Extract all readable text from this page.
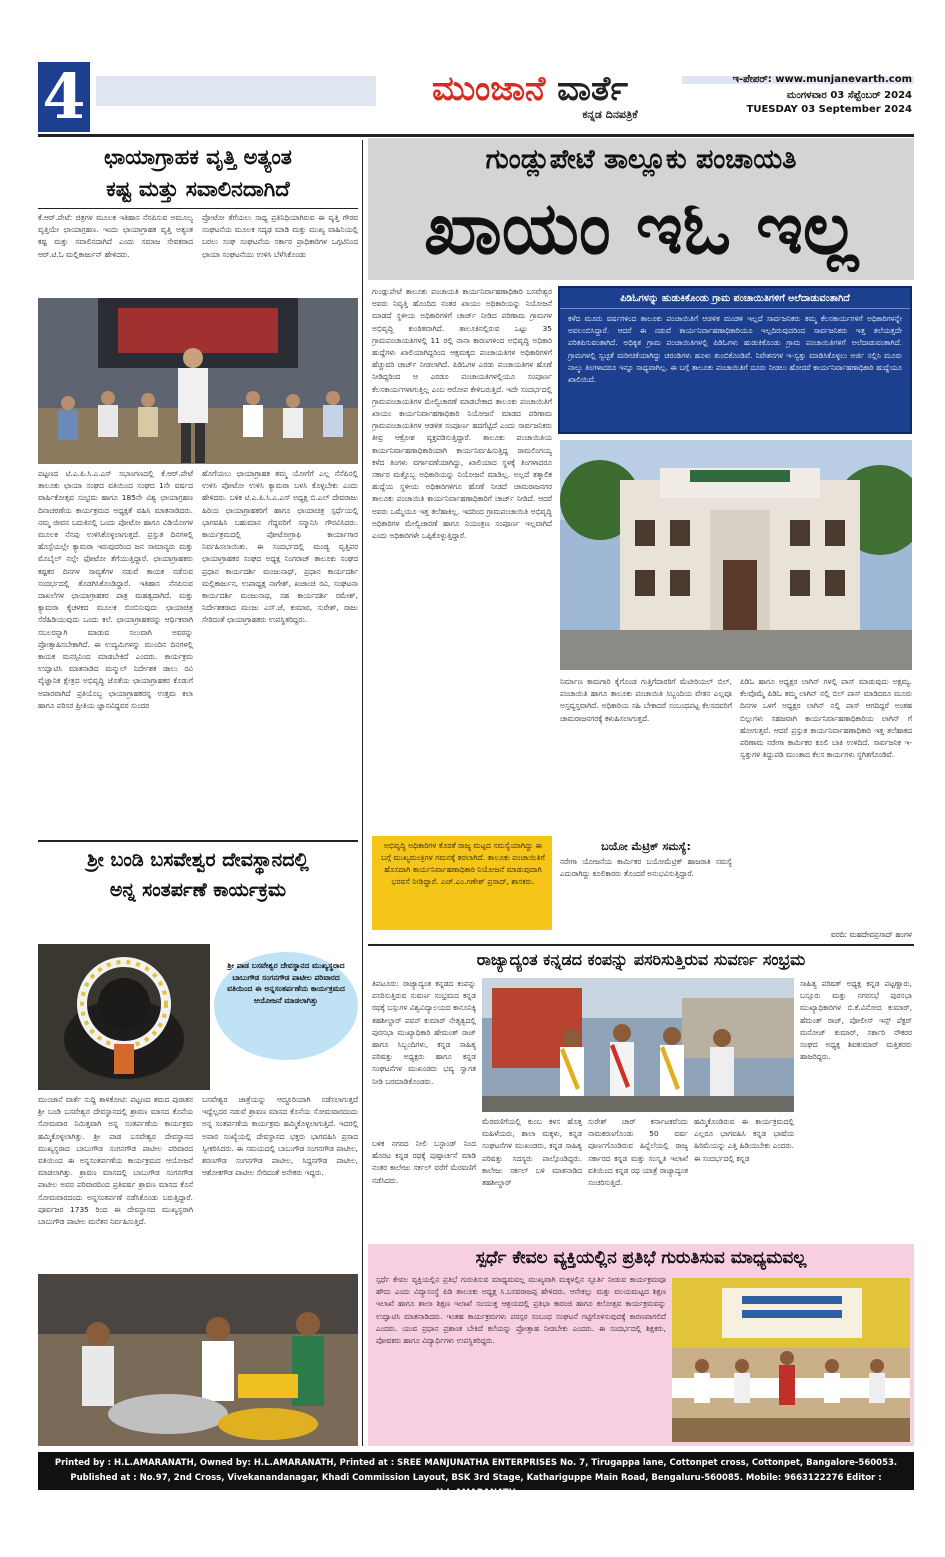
4	ಮುಂಜಾನೆ ವಾರ್ತೆ
ಕನ್ನಡ ದಿನಪತ್ರಿಕೆ
ಇ-ಪೇಪರ್: www.munjanevarth.com
ಮಂಗಳವಾರ 03 ಸೆಪ್ಟೆಂಬರ್ 2024
TUESDAY 03 September 2024
ಛಾಯಾಗ್ರಾಹಕ ವೃತ್ತಿ ಅತ್ಯಂತ
ಕಷ್ಟ ಮತ್ತು ಸವಾಲಿನದಾಗಿದೆ
ಕೆ.ಆರ್.ಪೇಟೆ: ಚಿತ್ರಗಳ ಮೂಲಕ ಇತಿಹಾಸ ನೆನಪಿಸುವ ಅಮೂಲ್ಯ ವೃತ್ತಿಯೇ ಛಾಯಾಗ್ರಹಣ. ಇಂದು ಛಾಯಾಗ್ರಾಹಕ ವೃತ್ತಿ ಅತ್ಯಂತ ಕಷ್ಟ ಮತ್ತು ಸವಾಲಿನದಾಗಿದೆ ಎಂದು ಸಮಾಜ ಸೇವಕರಾದ ಆರ್.ಟಿ.ಓ ಮಲ್ಲಿಕಾರ್ಜುನ್ ಹೇಳಿದರು.
ಪ್ರೋಟೋ ತೆಗೆಯಲು ಸಾಧ್ಯ ಪ್ರತಿನಿಧಿಯಾಗಿರುವ ಈ ವೃತ್ತಿ ಗೌರವ ಸಂಘಟನೆಯ ಮೂಲಕ ಸದೃಢ ಮಾಡಿ ಮತ್ತು ಮುಖ್ಯ ವಾಹಿನಿಯಲ್ಲಿ ಬರಲು ಸಂಘ ಸಂಘಟನೆಯ ಸರ್ಕಾರ ಪ್ರಾಧಿಕಾರಿಗಳ ಒಗ್ಗಟಿನಿಂದ ಛಾಯಾ ಸಂಘಟನೆಯು ಉಳಿಸಿ ಬೆಳೆಸಿಕೊಂಡು
ಪಟ್ಟಣದ ಟಿ.ಎ.ಪಿ.ಸಿ.ಎ.ಎಸ್ ಸಭಾಂಗಣದಲ್ಲಿ ಕೆ.ಆರ್.ಪೇಟೆ ತಾಲೂಕು ಛಾಯಾ ಸಂಘದ ವತಿಯಿಂದ ಸಂಘದ 1ನೇ ವರ್ಷದ ವಾರ್ಷಿಕೋತ್ಸವ ಸಂಭ್ರಮ ಹಾಗೂ 185ನೇ ವಿಶ್ವ ಛಾಯಾಗ್ರಹಣ ದಿನಾಚರಣೆಯ ಕಾರ್ಯಕ್ರಮದ ಅಧ್ಯಕ್ಷತೆ ವಹಿಸಿ ಮಾತನಾಡಿದರು. ನಮ್ಮ ಜೀವನ ಬದುಕಿನಲ್ಲಿ ಒಂದು ಪೋಟೋ ಹಾಗೂ ವಿಡಿಯೋಗಳ ಮೂಲಕ ನೆನಪು ಉಳಿಸಿಕೊಳ್ಳಲಾಗುತ್ತದೆ. ಪ್ರಸ್ತುತ ದಿನಗಳಲ್ಲಿ ಹೊಸ್ಟೆಯಲ್ಲೇ ಕ್ಯಾಮರಾ ಇರುವುದರಿಂದ ಜನ ಸಾಮಾನ್ಯರು ಮತ್ತು ಮೊಬೈಲ್ ನಲ್ಲೇ ಫೋಟೋ ತೆಗೆಯುತ್ತಿದ್ದಾರೆ. ಛಾಯಾಗ್ರಾಹಕರು ಕಷ್ಟಕರ ದಿನಗಳ ಸಾವ್ಯತೆಗಳ ನಡುವೆ ಕಾಯಕ ನಡೆಸುವ ಸಂದರ್ಭದಲ್ಲಿ ತೊಡಗಿಸಿಕೊಂಡಿದ್ದಾರೆ. ಇತಿಹಾಸ ನೆನಪಿಸುವ ದಾಖಲೆಗಳ ಛಾಯಾಗ್ರಾಹಕರ ಪಾತ್ರ ಮಹತ್ವದಾಗಿದೆ. ಮತ್ತು ಕ್ಯಾಮರಾ ಕೈಚಳಕದ ಮೂಲಕ ಬಿಂಬಿಸುವುದು ಛಾಯಾಚಿತ್ರ ಸೆರೆಹಿಡಿಯುವುದು ಒಂದು ಕಲೆ. ಛಾಯಾಗ್ರಾಹಕರನ್ನು ಆರ್ಥಿಕವಾಗಿ ಸಬಲರನ್ನಾಗಿ ಮಾಡುವ ಸಲುವಾಗಿ ಅವರನ್ನು ಪ್ರೋತ್ಸಾಹಿಸಬೇಕಾಗಿದೆ. ಈ ಉದ್ಯಮಿಗಳನ್ನು ಮುಂದಿನ ದಿನಗಳಲ್ಲಿ ಕಾಯಕ ಮನಸ್ಸಿನಿಂದ ಮಾಡಬೇಕಿದೆ ಎಂದರು. ಕಾರ್ಯಕ್ರಮ ಉದ್ಘಾಟಿಸಿ ಮಾತನಾಡಿದ ಮನ್ಮುಲ್ ನಿರ್ದೇಶಕ ಡಾಲು ರವಿ ವೈಜ್ಞಾನಿಕ ಕ್ಷೇತ್ರದ ಅಭಿವೃದ್ಧಿ ಜೊತೆಯ ಛಾಯಾಗ್ರಾಹಕರ ಕೊಡುಗೆ ಅಪಾರವಾಗಿದೆ ಪ್ರತಿಯೊಬ್ಬ ಛಾಯಾಗ್ರಾಹಕರನ್ನ ಉತ್ತಮ ಕಲಾ ಹಾಗೂ ಪರಿಸರ ಪ್ರೀತಿಯ ಜ್ಞಾನವಿದ್ದವರ ಸುಂದರ
ಹೊಗೆಯಲು ಛಾಯಾಗ್ರಾಹಕ ತಮ್ಮ ಯೋಗೆಗೆ ಎಲ್ಲ ನೆನೆಪಿನಲ್ಲಿ ಉಳಿಸಿ ಪೋಟೋ ಉಳಿಸಿ ಕ್ಯಾಮರಾ ಬಳಸಿ ಕೊಳ್ಳಬೇಕು ಎಂದು ಹೇಳಿದರು. ಬಳಿಕ ಟಿ.ಎ.ಪಿ.ಸಿ.ಎ.ಎಸ್ ಅಧ್ಯಕ್ಷ ಬಿ.ಎಲ್ ದೇವರಾಜು ಹಿರಿಯ ಛಾಯಾಗ್ರಾಹಕರಿಗೆ ಹಾಗೂ ಛಾಯಾಚಿತ್ರ ಸ್ಪರ್ಧೆಯಲ್ಲಿ ಭಾಗವಹಿಸಿ ಬಹುಮಾನ ಗೆದ್ದವರಿಗೆ ಸನ್ಮಾನಿಸಿ ಗೌರವಿಸಿದರು. ಕಾರ್ಯಕ್ರಮದಲ್ಲಿ ಪೋಟೋಗ್ರಾಫಿ ಕಾರ್ಯಾಗಾರ ನಿರ್ವಹಿಸಲಾಯಿತು. ಈ ಸಂದರ್ಭದಲ್ಲಿ ಮಂಡ್ಯ ವೃತ್ತಿಪರ ಛಾಯಾಗ್ರಾಹಕರ ಸಂಘದ ಅಧ್ಯಕ್ಷ ನಿಂಗರಾಜ್ ತಾಲೂಕು ಸಂಘದ ಪ್ರಧಾನ ಕಾರ್ಯದರ್ಶಿ ಮಂಜುನಾಥ್, ಪ್ರಧಾನ ಕಾರ್ಯದರ್ಶಿ ಮಲ್ಲಿಕಾರ್ಜುನ, ಉಪಾಧ್ಯಕ್ಷ ನಾಗೇಶ್, ಖಜಾಂಚಿ ರವಿ, ಸಂಘಟನಾ ಕಾರ್ಯದರ್ಶಿ ಮಂಜುನಾಥ, ಸಹ ಕಾರ್ಯದರ್ಶಿ ರಮೇಶ್, ನಿರ್ದೇಶಕರಾದ ಮಂಜು ಎಸ್.ಜೆ, ಕುಮಾರ, ಸುರೇಶ್, ರಾಜು ಸೇರಿದಂತೆ ಛಾಯಾಗ್ರಾಹಕರು ಉಪಸ್ಥಿತರಿದ್ದರು.
ಶ್ರೀ ಬಂಡಿ ಬಸವೇಶ್ವರ ದೇವಸ್ಥಾನದಲ್ಲಿ
ಅನ್ನ ಸಂತರ್ಪಣೆ ಕಾರ್ಯಕ್ರಮ
ಶ್ರೀ ಪಾಡ ಬಸವೇಶ್ವರ ದೇವಸ್ಥಾನದ ಮುಖ್ಯಸ್ಥರಾದ ಬಾಬುಗೌಡ ಸಂಗನಗೌಡ ಪಾಟೀಲ ಪರಿವಾರದ ವತಿಯಿಂದ ಈ ಅನ್ನಸಂತರ್ಪಣೆಯ ಕಾರ್ಯಕ್ರಮದ ಆಯೋಜನೆ ಮಾಡಲಾಗಿತ್ತು
ಮುಂಜಾನೆ ವಾರ್ತೆ ಸುದ್ದಿ ತಾಳಿಕೋಟಿ: ಪಟ್ಟಣದ ತಮದ ಪುರಾತನ ಶ್ರೀ ಬಂಡಿ ಬಸವೇಶ್ವರ ದೇವಸ್ಥಾನದಲ್ಲಿ ಶ್ರಾವಣ ಮಾಸದ ಕೊನೆಯ ಸೋಮವಾರ ನಿಮಿತ್ತವಾಗಿ ಅನ್ನ ಸಂತರ್ಪಣೆಯ ಕಾರ್ಯಕ್ರಮ ಹಮ್ಮಿಕೊಳ್ಳಲಾಗಿತ್ತು. ಶ್ರೀ ಪಾಡ ಬಸವೇಶ್ವರ ದೇವಸ್ಥಾನದ ಮುಖ್ಯಸ್ಥರಾದ ಬಾಬುಗೌಡ ಸಂಗನಗೌಡ ಪಾಟೀಲ ಪರಿವಾರದ ವತಿಯಿಂದ ಈ ಅನ್ನಸಂತರ್ಪಣೆಯ ಕಾರ್ಯಕ್ರಮದ ಆಯೋಜನೆ ಮಾಡಲಾಗಿತ್ತು. ಶ್ರಾವಣ ಮಾಸದಲ್ಲಿ ಬಾಬುಗೌಡ ಸಂಗನಗೌಡ ಪಾಟೀಲ ಅವರ ಪರಿವಾರದಿಂದ ಪ್ರತಿವರ್ಷ ಶ್ರಾವಣ ಮಾಸದ ಕೊನೆ ಸೋಮವಾರದಂದು ಅನ್ನಸಂತರ್ಪಣೆ ನಡೆಸಿಕೊಂಡು ಬರುತ್ತಿದ್ದಾರೆ. ಪೂರ್ವಜರ 1735 ರಿಂದ ಈ ದೇವಸ್ಥಾನದ ಮುಖ್ಯಸ್ಥರಾಗಿ ಬಾಬುಗೌಡ ಪಾಟೀಲ ಮನೆತನ ನಿರ್ವಹಿಸುತ್ತಿದೆ.
ಬಸವೇಶ್ವರ ಜಾತ್ರೆಯನ್ನು ಆದ್ದೂರಿಯಾಗಿ ನಡೆಸಲಾಗುತ್ತದೆ ಇದ್ದೆಲ್ಲದರ ನಡುವೆ ಶ್ರಾವಣ ಮಾಸದ ಕೊನೆಯ ಸೋಮವಾರದಂದು ಅನ್ನ ಸಂತರ್ಪಣೆಯ ಕಾರ್ಯಕ್ರಮ ಹಮ್ಮಿಕೊಳ್ಳಲಾಗುತ್ತಿದೆ. ಇದರಲ್ಲಿ ಅಪಾರ ಸಂಖ್ಯೆಯಲ್ಲಿ ದೇವಸ್ಥಾನದ ಭಕ್ತರು ಭಾಗವಹಿಸಿ ಪ್ರಸಾದ ಸ್ವೀಕರಿಸಿದರು. ಈ ಸಮಯದಲ್ಲಿ ಬಾಬುಗೌಡ ಸಂಗನಗೌಡ ಪಾಟೀಲ, ಶರಣಗೌಡ ಸಂಗನಗೌಡ ಪಾಟೀಲ, ಸಿದ್ದನಗೌಡ ಪಾಟೀಲ, ಆಶೋಕಗೌಡ ಪಾಟೀಲ ಸೇರಿದಂತೆ ಅನೇಕರು ಇದ್ದರು.
ಗುಂಡ್ಲುಪೇಟೆ ತಾಲ್ಲೂಕು ಪಂಚಾಯತಿ
ಖಾಯಂ ಇಓ ಇಲ್ಲ
ಗುಂಡ್ಲುಪೇಟೆ ತಾಲೂಕು ಪಂಚಾಯತಿ ಕಾರ್ಯನಿರ್ವಾಹಣಾಧಿಕಾರಿ ಬಸವೇಶ್ವರ ಅವರು ನಿವೃತ್ತಿ ಹೊಂದಿದ ನಂತರ ಖಾಯಂ ಅಧಿಕಾರಿಯನ್ನು ನಿಯೋಜನೆ ಮಾಡದೆ ಸ್ಥಳೀಯ ಅಧಿಕಾರಿಗಳಿಗೆ ಚಾರ್ಜ್ ನೀಡಿದ ಪರಿಣಾಮ ಗ್ರಾಮಗಳ ಅಭಿವೃದ್ಧಿ ಕುಂಠಿತವಾಗಿದೆ. ತಾಲೂಕಿನಲ್ಲಿರುವ ಒಟ್ಟು 35 ಗ್ರಾಮಪಂಚಾಯತಿಗಳಲ್ಲಿ 11 ರಲ್ಲಿ ನಾನಾ ಕಾರಣಗಳಿಂದ ಅಭಿವೃದ್ಧಿ ಅಧಿಕಾರಿ ಹುದ್ದೆಗಳು ಖಾಲಿಯಾಗಿದ್ದರಿಂದ ಆಕ್ಷಮಕ್ಕದ ಪಂಚಾಯತಿಗಳ ಅಧಿಕಾರಿಗಳಿಗೆ ಹೆಚ್ಚುವರಿ ಚಾರ್ಜ್ ನೀಡಲಾಗಿದೆ. ಪಿಡಿಓಗಳ ಎರಡು ಪಂಚಾಯತಿಗಳ ಹೊಣೆ ನೀಡಿದ್ದರಿಂದ ಆ ಎರಡೂ ಪಂಚಾಯತಿಗಳಲ್ಲಿಯೂ ಸಂಪೂರ್ಣ ಕೆಲಸಕಾರ್ಯಗಳಾಗುತ್ತಿಲ್ಲ ಎಂಬ ಆರೋಪ ಕೇಳಿಬರುತ್ತಿದೆ. ಇದೇ ಸಂದರ್ಭದಲ್ಲಿ ಗ್ರಾಮಪಂಚಾಯತಿಗಳ ಮೇಲ್ವಿಚಾರಣೆ ಮಾಡಬೇಕಾದ ತಾಲೂಕು ಪಂಚಾಯಿತಿಗೆ ಖಾಯಂ ಕಾರ್ಯನಿರ್ವಾಹಣಾಧಿಕಾರಿ ನಿಯೋಜನೆ ಮಾಡದ ಪರಿಣಾಮ ಗ್ರಾಮಪಂಚಾಯತಿಗಳ ಆಡಳಿತ ಸಂಪೂರ್ಣ ಹದಗೆಟ್ಟಿದೆ ಎಂದು ಸಾರ್ವಜನಿಕರು ತೀವ್ರ ಆಕ್ರೋಶ ವ್ಯಕ್ತಪಡಿಸುತ್ತಿದ್ದಾರೆ. ತಾಲೂಕು ಪಂಚಾಯಿತಿಯ ಕಾರ್ಯನಿರ್ವಾಹಣಾಧಿಕಾರಿಯಾಗಿ ಕಾರ್ಯನಿರ್ವಹಿಸುತ್ತಿದ್ದ ರಾಮಲಿಂಗಯ್ಯ ಕಳೆದ ತಿಂಗಳು ವರ್ಗಾವಣೆಯಾಗಿದ್ದು, ಖಾಲಿಯಾದ ಸ್ಥಳಕ್ಕೆ ತಿಂಗಳಾದರೂ ಸರ್ಕಾರ ಮತ್ತೊಬ್ಬ ಅಧಿಕಾರಿಯನ್ನು ನಿಯೋಜನೆ ಮಾಡಿಲ್ಲ. ಅಲ್ಲದೆ ತತ್ಕಾಲಿಕ ಹುದ್ದೆಯ ಸ್ಥಳೀಯ ಅಧಿಕಾರಿಗಳಿಗೂ ಹೊಣೆ ನೀಡದೆ ಚಾಮರಾಜನಗರ ತಾಲೂಕು ಪಂಚಾಯಿತಿ ಕಾರ್ಯನಿರ್ವಾಹಣಾಧಿಕಾರಿಗೆ ಚಾರ್ಜ್ ನೀಡಿದೆ. ಆದರೆ ಅವರು ಒಮ್ಮೆಯೂ ಇತ್ತ ತಲೆಹಾಕಿಲ್ಲ. ಇದರಿಂದ ಗ್ರಾಮಪಂಚಾಯಿತಿ ಅಭಿವೃದ್ಧಿ ಅಧಿಕಾರಿಗಳ ಮೇಲ್ವಿಚಾರಣೆ ಹಾಗೂ ನಿಯಂತ್ರಣ ಸಂಪೂರ್ಣ ಇಲ್ಲವಾಗಿದೆ ಎಂದು ಅಧಿಕಾರಿಗಳೇ ಒಪ್ಪಿಕೊಳ್ಳುತ್ತಿದ್ದಾರೆ.
ಪಿಡಿಓಗಳನ್ನು ಹುಡುಕಿಕೊಂಡು ಗ್ರಾಮ ಪಂಚಾಯಿತಿಗಳಿಗೆ ಅಲೆದಾಡುವಂತಾಗಿದೆ
ಕಳೆದ ಮೂರು ವರ್ಷಗಳಿಂದ ತಾಲೂಕು ಪಂಚಾಯಿತಿಗೆ ಆಡಳಿತ ಮಂಡಳಿ ಇಲ್ಲದೆ ಸಾರ್ವಜನಿಕರು ತಮ್ಮ ಕೆಲಸಕಾರ್ಯಗಳಿಗೆ ಅಧಿಕಾರಿಗಳನ್ನೇ ಅವಲಂಬಿಸಿದ್ದಾರೆ. ಆದರೆ ಈ ನಡುವೆ ಕಾರ್ಯನಿರ್ವಾಹಣಾಧಿಕಾರಿಯೂ ಇಲ್ಲದಿರುವುದರಿಂದ ಸಾರ್ವಜನಿಕರು ಇತ್ತ ತಲೆಯತ್ತದೇ ಪರಿತಪಿಸುವಂತಾಗಿದೆ. ಅಧಿಕೃತ ಗ್ರಾಮ ಪಂಚಾಯಿತಿಗಳಲ್ಲಿ ಪಿಡಿಓಗಳು ಹುಡುಕಿಕೊಂಡು ಗ್ರಾಮ ಪಂಚಾಯಿತಿಗಳಿಗೆ ಅಲೆದಾಡುವಂತಾಗಿದೆ. ಗ್ರಾಮಗಳಲ್ಲಿ ಸ್ವಚ್ಛತೆ ಮರೀಚಿಕೆಯಾಗಿದ್ದು ಚರಂಡಿಗಳು ಹೂಳು ತುಂಬಿಕೊಂಡಿವೆ. ನಿವೇಶನಗಳ ಇ-ಸ್ವತ್ತು ಮಾಡಿಸಿಕೊಳ್ಳಲು ಅರ್ಜಿ ಸಲ್ಲಿಸಿ ಮೂರು ನಾಲ್ಕು ತಿಂಗಳಾದರೂ ಇನ್ನೂ ಸಾಧ್ಯವಾಗಿಲ್ಲ. ಈ ಬಗ್ಗೆ ತಾಲೂಕು ಪಂಚಾಯಿತಿಗೆ ದೂರು ನೀಡಲು ಹೋದರೆ ಕಾರ್ಯನಿರ್ವಾಹಣಾಧಿಕಾರಿ ಹುದ್ದೆಯೂ ಖಾಲಿಯಿದೆ.
ನಿರ್ಮಾಣ ಕಾಮಗಾರಿ ಕೈಗೊಂಡ ಗುತ್ತಿಗೆದಾರರಿಗೆ ಮೆಟೀರಿಯಲ್ ಬಿಲ್, ಪಂಚಾಯಿತಿ ಹಾಗೂ ತಾಲೂಕು ಪಂಚಾಯಿತಿ ಸಿಬ್ಬಂದಿಯ ವೇತನ ಎಲ್ಲವೂ ಅಸ್ತವ್ಯಸ್ತವಾಗಿದೆ. ಅಧಿಕಾರಿಯ ಸಹಿ ಬೇಕಾದರೆ ಸಂಬಂಧಪಟ್ಟ ಕೆಲಸದವರಿಗೆ ಚಾಮರಾಜನಗರಕ್ಕೆ ಕಳುಹಿಸಲಾಗುತ್ತದೆ.
ಪಿಡಿಓ ಹಾಗೂ ಅಧ್ಯಕ್ಷರ ಲಾಗಿನ್ ಗಳಲ್ಲಿ ಪಾಸ್ ಮಾಡುವುದು ಅಕ್ಷಮ್ಯ. ಕೆಲವೊಮ್ಮೆ ಪಿಡಿಓ ತಮ್ಮ ಲಾಗಿನ್ ನಲ್ಲಿ ಬಿಲ್ ಪಾಸ್ ಮಾಡಿದರೂ ಮೂರು ದಿನಗಳ ಒಳಗೆ ಅಧ್ಯಕ್ಷರ ಲಾಗಿನ್ ನಲ್ಲಿ ಪಾಸ್ ಆಗದಿದ್ದರೆ ಅಂತಹ ಬಿಲ್ಲುಗಳು ಸಹಜವಾಗಿ ಕಾರ್ಯನಿರ್ವಾಹಣಾಧಿಕಾರಿಯ ಲಾಗಿನ್ ಗೆ ಹೋಗುತ್ತವೆ. ಆದರೆ ಪ್ರಸ್ತುತ ಕಾರ್ಯನಿರ್ವಾಹಣಾಧಿಕಾರಿ ಇತ್ತ ತಲೆಹಾಕದ ಪರಿಣಾಮ ನರೇಗಾ ಕಾರ್ಮಿಕರ ಕೂಲಿ ಬಾಕಿ ಉಳಿದಿದೆ. ಸಾರ್ವಜನಿಕ ಇ-ಸ್ವತ್ತುಗಳ ತಿದ್ದುಪಡಿ ಮುಂತಾದ ಕೆಲಸ ಕಾರ್ಯಗಳು ಸ್ಥಗಿತಗೊಂಡಿವೆ.
ಅಭಿವೃದ್ಧಿ ಅಧಿಕಾರಿಗಳ ಕೊರತೆ ರಾಜ್ಯ ಮಟ್ಟದ ಸಮಸ್ಯೆಯಾಗಿದ್ದು ಈ ಬಗ್ಗೆ ಮುಖ್ಯಮಂತ್ರಿಗಳ ಗಮನಕ್ಕೆ ತರಲಾಗಿದೆ. ತಾಲೂಕು ಪಂಚಾಯಿತಿಗೆ ಹೊಸದಾಗಿ ಕಾರ್ಯನಿರ್ವಾಹಣಾಧಿಕಾರಿ ನಿಯೋಜನೆ ಮಾಡುವುದಾಗಿ ಭರವಸೆ ನೀಡಿದ್ದಾರೆ. ಎಚ್.ಎಂ.ಗಣೇಶ್ ಪ್ರಸಾದ್, ಶಾಸಕರು.
ಬಯೋ ಮೆಟ್ರಿಕ್ ಸಮಸ್ಯೆ:
ನರೇಗಾ ಯೋಜನೆಯ ಕಾರ್ಮಿಕರ ಬಯೋಮೆಟ್ರಿಕ್ ಹಾಜರಾತಿ ಸಮಸ್ಯೆ ಎದುರಾಗಿದ್ದು ಕೂಲಿಕಾರರು ತೊಂದರೆ ಅನುಭವಿಸುತ್ತಿದ್ದಾರೆ.
ವರದಿ: ಮಹದೇವಪ್ರಸಾದ್ ಹಂಗಳ
ರಾಜ್ಯಾದ್ಯಂತ ಕನ್ನಡದ ಕಂಪನ್ನು ಪಸರಿಸುತ್ತಿರುವ ಸುವರ್ಣ ಸಂಭ್ರಮ
ತಿಪಟೂರು: ರಾಜ್ಯಾದ್ಯಂತ ಕನ್ನಡದ ಕಂಪನ್ನು ಪಸರಿಸುತ್ತಿರುವ ಸುವರ್ಣ ಸಂಭ್ರಮದ ಕನ್ನಡ ರಥಕ್ಕೆ ಬಸ್ಸುಗಳ ವಿಶ್ವವಿದ್ಯಾಲಯದ ಕಾನೂನಿಕ್ಕಿ ತಹಶೀಲ್ದಾರ್ ಪವನ್ ಕುಮಾರ್ ನೇತೃತ್ವದಲ್ಲಿ ಪುರಸಭಾ ಮುಖ್ಯಾಧಿಕಾರಿ ಹೇಮಂತ್ ರಾಜ್ ಹಾಗೂ ಸಿಬ್ಬಂದಿಗಳು, ಕನ್ನಡ ಸಾಹಿತ್ಯ ಪರಿಷತ್ತು ಅಧ್ಯಕ್ಷರು ಹಾಗೂ ಕನ್ನಡ ಸಂಘಟನೆಗಳ ಮುಖಂಡರು ಭವ್ಯ ಸ್ವಾಗತ ನೀಡಿ ಬರಮಾಡಿಕೊಂಡರು.
ಸಾಹಿತ್ಯ ಪರಿಷತ್ ಅಧ್ಯಕ್ಷ ಕನ್ನಡ ಪಟ್ಟಣ್ಣಾರು, ಬಸ್ಸೂರು ಮತ್ತು ನಗರಸಭೆ ಪುರಸಭಾ ಮುಖ್ಯಾಧಿಕಾರಿಗಳ ಬಿ.ಕೆ.ವಿನೋದ ಕುಮಾರ್, ಹೆಮಂತ್ ರಾಜ್, ಪೋಲೀಸ್ ಇನ್ಸ್ ಪೆಕ್ಟರ್ ಮನೋಜ್ ಕುಮಾರ್, ಸರ್ಕಾರಿ ನೌಕರರ ಸಂಘದ ಅಧ್ಯಕ್ಷ ಶಿವಕುಮಾರ್ ಮತ್ತಿತರರು ಹಾಜರಿದ್ದರು.
ಬಳಿಕ ನಗರದ ನೀಲಿ ಬಸ್ಟಾಂಡ್ ನಿಂದ ಹೊರಟ ಕನ್ನಡ ರಥಕ್ಕೆ ಪುಷ್ಪಾರ್ಚನೆ ಮಾಡಿ ನಂತರ ಕಾಲೇಜು ಸರ್ಕಲ್ ವರೆಗೆ ಮೆರವಣಿಗೆ ನಡೆಸಿದರು.
ಮೆರವಣಿಗೆಯಲ್ಲಿ ಕುಂಬ ಕಳಸ ಹೊತ್ತ ಮಹಿಳೆಯರು, ಶಾಲಾ ಮಕ್ಕಳು, ಕನ್ನಡ ಸಂಘಟನೆಗಳ ಮುಖಂಡರು, ಕನ್ನಡ ಸಾಹಿತ್ಯ ಪರಿಷತ್ತು ಸದಸ್ಯರು ಪಾಲ್ಗೊಂಡಿದ್ದರು. ಕಾಲೇಜು ಸರ್ಕಲ್ ಬಳಿ ಮಾತನಾಡಿದ ತಹಶೀಲ್ದಾರ್
ಸುರೇಶ್ ಚಾರ್ ಕರ್ನಾಟಕವೆಂದು ನಾಮಕರಣಗೊಂಡು 50 ವರ್ಷ ಪೂರ್ಣಗೊಂಡಿರುವ ಹಿನ್ನೆಲೆಯಲ್ಲಿ ರಾಜ್ಯ ಸರ್ಕಾರದ ಕನ್ನಡ ಮತ್ತು ಸಂಸ್ಕೃತಿ ಇಲಾಖೆ ವತಿಯಿಂದ ಕನ್ನಡ ರಥ ಯಾತ್ರೆ ರಾಜ್ಯಾದ್ಯಂತ ಸಂಚರಿಸುತ್ತಿದೆ.
ಹಮ್ಮಿಕೊಂಡಿರುವ ಈ ಕಾರ್ಯಕ್ರಮದಲ್ಲಿ ಎಲ್ಲರೂ ಭಾಗವಹಿಸಿ ಕನ್ನಡ ಭಾಷೆಯ ಹಿರಿಮೆಯನ್ನು ಎತ್ತಿ ಹಿಡಿಯಬೇಕು ಎಂದರು. ಈ ಸಂದರ್ಭದಲ್ಲಿ ಕನ್ನಡ
ಸ್ಪರ್ಧೆ ಕೇವಲ ವ್ಯಕ್ತಿಯಲ್ಲಿನ ಪ್ರತಿಭೆ ಗುರುತಿಸುವ ಮಾಧ್ಯಮವಲ್ಲ
ಸ್ಪರ್ಧೆ ಕೇವಲ ವ್ಯಕ್ತಿಯಲ್ಲಿನ ಪ್ರತಿಭೆ ಗುರುತಿಸುವ ಮಾಧ್ಯಮವಲ್ಲ ಮುಖ್ಯವಾಗಿ ಮಕ್ಕಳಲ್ಲಿನ ಸ್ಫೂರ್ತಿ ನೀಡುವ ಕಾರ್ಯಕ್ರಮವೂ ಹೌದು ಎಂದು ವಿದ್ಯಾಸಂಸ್ಥೆ ಪಿಡಿ ತಾಲೂಕು ಅಧ್ಯಕ್ಷ ಸಿ.ಬಸವರಾಜಪ್ಪ ಹೇಳಿದರು. ಆನೇಕಲ್ಲು ಮತ್ತು ವಲಯಮಟ್ಟದ ಶಿಕ್ಷಣ ಇಲಾಖೆ ಹಾಗೂ ಶಾಲಾ ಶಿಕ್ಷಣ ಇಲಾಖೆ ಸಂಯುಕ್ತ ಆಶ್ರಯದಲ್ಲಿ ಪ್ರತಿಭಾ ಕಾರಂಜಿ ಹಾಗೂ ಕಲೋತ್ಸವ ಕಾರ್ಯಕ್ರಮವನ್ನು ಉದ್ಘಾಟಿಸಿ ಮಾತನಾಡಿದರು. ಇಂತಹ ಕಾರ್ಯಕ್ರಮಗಳು ಪರಸ್ಪರ ಸಂಬಂಧ ಸಂಘಟನೆ ಗಟ್ಟಿಗೊಳಿಸುವುದಕ್ಕೆ ಕಾರಣವಾಗಲಿದೆ ಎಂದರು. ಯುವ ಪ್ರಧಾನ ಪ್ರಶಾಂತ ಬೇಕಿದೆ ಕಲೆಯನ್ನು ಪ್ರೋತ್ಸಾಹ ನೀಡಬೇಕು ಎಂದರು. ಈ ಸಂದರ್ಭದಲ್ಲಿ ಶಿಕ್ಷಕರು, ಪೋಷಕರು ಹಾಗೂ ವಿದ್ಯಾರ್ಥಿಗಳು ಉಪಸ್ಥಿತರಿದ್ದರು.
Printed by : H.L.AMARANATH, Owned by: H.L.AMARANATH, Printed at : SREE MANJUNATHA ENTERPRISES No. 7, Tirugappa lane, Cottonpet cross, Cottonpet, Bangalore-560053.
Published at : No.97, 2nd Cross, Vivekanandanagar, Khadi Commission Layout, BSK 3rd Stage, Kathariguppe Main Road, Bengaluru-560085. Mobile: 9663122276 Editor : H.L.AMARANATH
